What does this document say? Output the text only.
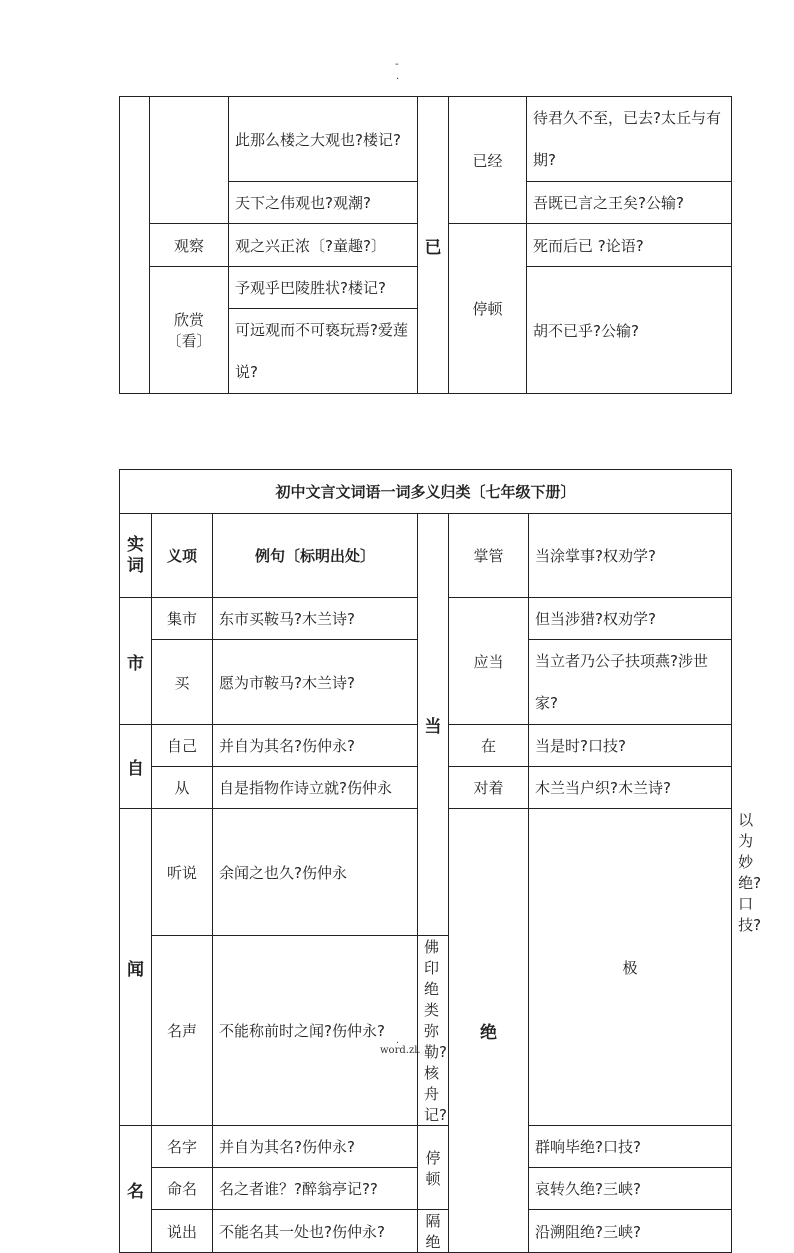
-
.
		此那么楼之大观也?楼记?	已	已经	待君久不至，已去?太丘与有期?
		天下之伟观也?观潮?			吾既已言之王矣?公输?
	观察	观之兴正浓〔?童趣?〕		停顿	死而后已 ?论语?
	欣赏〔看〕	予观乎巴陵胜状?楼记?			胡不已乎?公输?
		可远观而不可亵玩焉?爱莲说?			
初中文言文词语一词多义归类〔七年级下册〕						
实词	义项	例句〔标明出处〕	当	掌管	当涂掌事?权劝学?	
市	集市	东市买鞍马?木兰诗?		应当	但当涉猎?权劝学?	
	买	愿为市鞍马?木兰诗?			当立者乃公子扶项燕?涉世家?	
自	自己	并自为其名?伤仲永?		在	当是时?口技?	
	从	自是指物作诗立就?伤仲永		对着	木兰当户织?木兰诗?	
闻	听说	余闻之也久?伤仲永		绝	极	以为妙绝?口技?
	名声	不能称前时之闻?伤仲永?	佛印绝类弥勒?核舟记?			
名	名字	并自为其名?伤仲永?	停顿		群响毕绝?口技?	
	命名	名之者谁？?醉翁亭记??			哀转久绝?三峡?	
	说出	不能名其一处也?伤仲永?	隔绝		沿溯阻绝?三峡?	
.
word.zl.
